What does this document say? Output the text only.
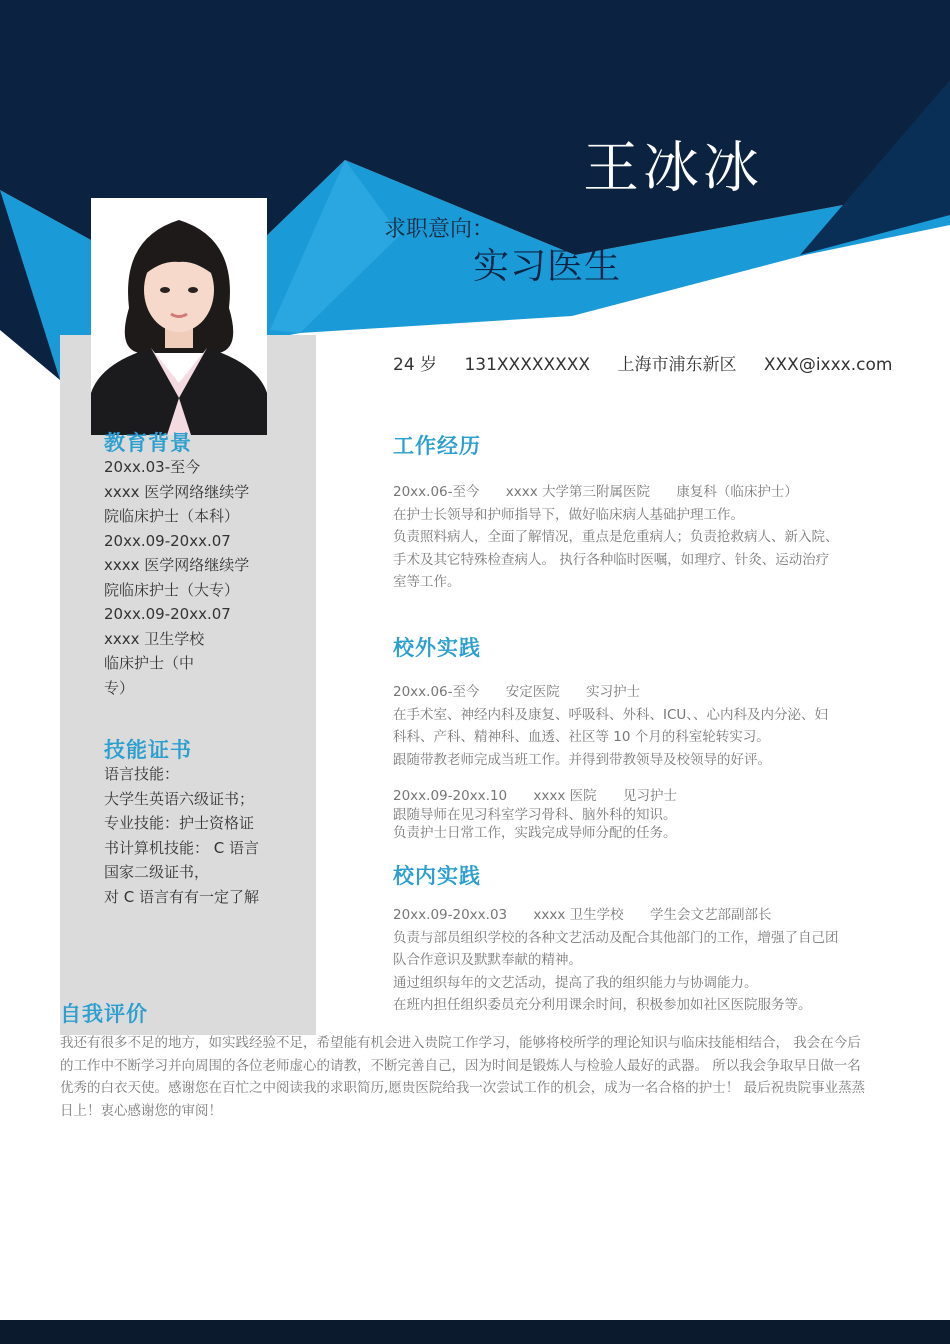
王冰冰
求职意向：
实习医生
24 岁 131XXXXXXXX 上海市浦东新区 XXX@ixxx.com
教育背景
20xx.03-至今
xxxx 医学网络继续学
院临床护士（本科）
20xx.09-20xx.07
xxxx 医学网络继续学
院临床护士（大专）
20xx.09-20xx.07
xxxx 卫生学校
临床护士（中
专）
技能证书
语言技能：
大学生英语六级证书；
专业技能：护士资格证
书计算机技能： C 语言
国家二级证书，
对 C 语言有有一定了解
工作经历
20xx.06-至今 xxxx 大学第三附属医院 康复科（临床护士）
在护士长领导和护师指导下，做好临床病人基础护理工作。
负责照料病人，全面了解情况，重点是危重病人；负责抢救病人、新入院、
手术及其它特殊检查病人。 执行各种临时医嘱，如理疗、针灸、运动治疗
室等工作。
校外实践
20xx.06-至今 安定医院 实习护士
在手术室、神经内科及康复、呼吸科、外科、ICU、、心内科及内分泌、妇
科科、产科、精神科、血透、社区等 10 个月的科室轮转实习。
跟随带教老师完成当班工作。并得到带教领导及校领导的好评。
20xx.09-20xx.10 xxxx 医院 见习护士
跟随导师在见习科室学习骨科、脑外科的知识。
负责护士日常工作，实践完成导师分配的任务。
校内实践
20xx.09-20xx.03 xxxx 卫生学校 学生会文艺部副部长
负责与部员组织学校的各种文艺活动及配合其他部门的工作，增强了自己团
队合作意识及默默奉献的精神。
通过组织每年的文艺活动，提高了我的组织能力与协调能力。
在班内担任组织委员充分利用课余时间，积极参加如社区医院服务等。
自我评价
我还有很多不足的地方，如实践经验不足，希望能有机会进入贵院工作学习，能够将校所学的理论知识与临床技能相结合， 我会在今后的工作中不断学习并向周围的各位老师虚心的请教，不断完善自己，因为时间是锻炼人与检验人最好的武器。 所以我会争取早日做一名优秀的白衣天使。感谢您在百忙之中阅读我的求职简历,愿贵医院给我一次尝试工作的机会，成为一名合格的护士！ 最后祝贵院事业蒸蒸日上！衷心感谢您的审阅！
